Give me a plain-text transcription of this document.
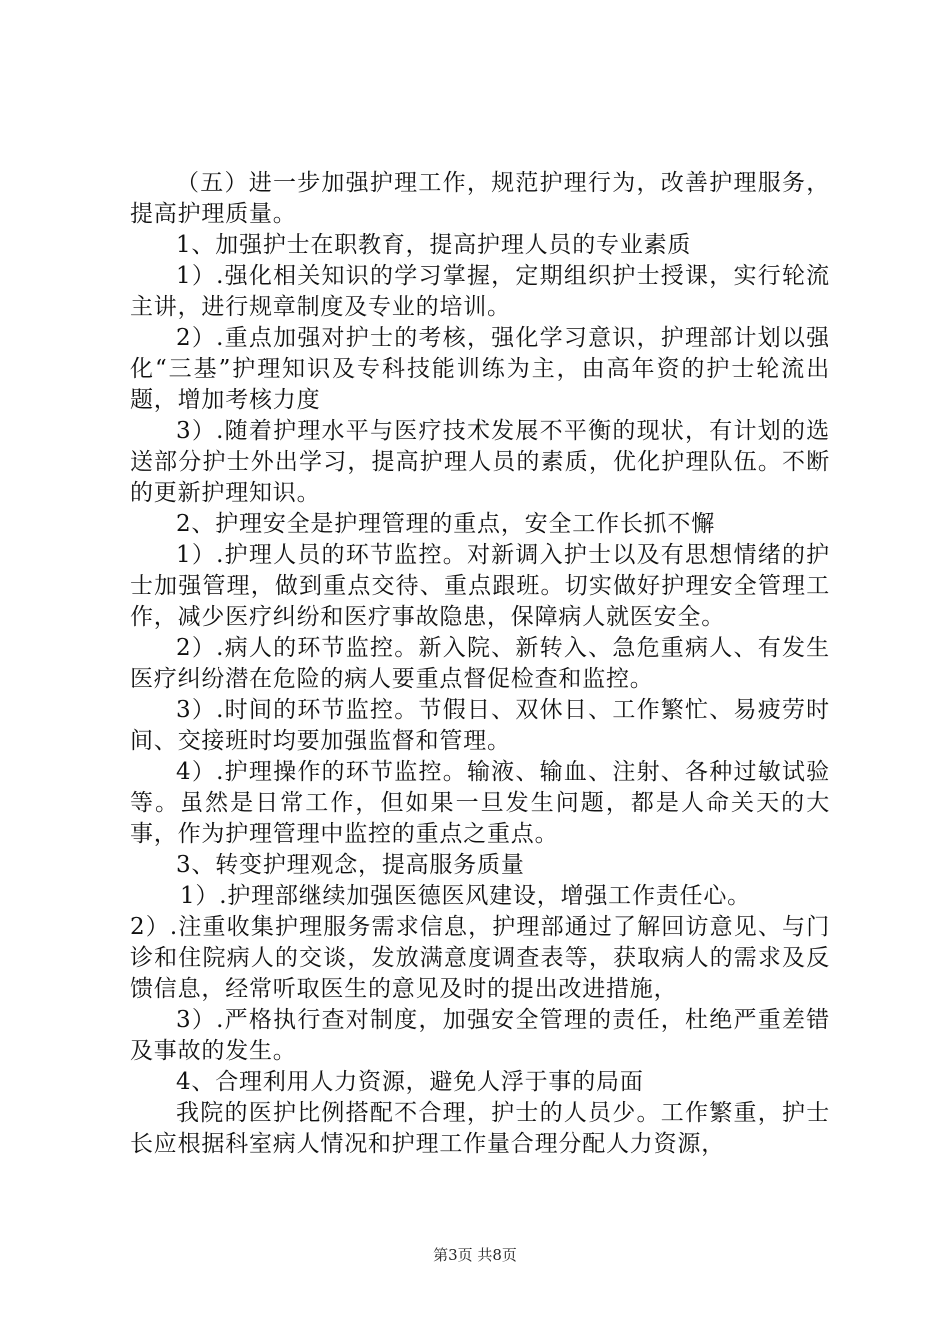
（五）进一步加强护理工作，规范护理行为，改善护理服务，提高护理质量。

1、加强护士在职教育，提高护理人员的专业素质

1）.强化相关知识的学习掌握，定期组织护士授课，实行轮流主讲，进行规章制度及专业的培训。

2）.重点加强对护士的考核，强化学习意识，护理部计划以强化“三基”护理知识及专科技能训练为主，由高年资的护士轮流出题，增加考核力度

3）.随着护理水平与医疗技术发展不平衡的现状，有计划的选送部分护士外出学习，提高护理人员的素质，优化护理队伍。不断的更新护理知识。

2、护理安全是护理管理的重点，安全工作长抓不懈

1）.护理人员的环节监控。对新调入护士以及有思想情绪的护士加强管理，做到重点交待、重点跟班。切实做好护理安全管理工作，减少医疗纠纷和医疗事故隐患，保障病人就医安全。

2）.病人的环节监控。新入院、新转入、急危重病人、有发生医疗纠纷潜在危险的病人要重点督促检查和监控。

3）.时间的环节监控。节假日、双休日、工作繁忙、易疲劳时间、交接班时均要加强监督和管理。

4）.护理操作的环节监控。输液、输血、注射、各种过敏试验等。虽然是日常工作，但如果一旦发生问题，都是人命关天的大事，作为护理管理中监控的重点之重点。

3、转变护理观念，提高服务质量

1）.护理部继续加强医德医风建设，增强工作责任心。

2）.注重收集护理服务需求信息，护理部通过了解回访意见、与门诊和住院病人的交谈，发放满意度调查表等，获取病人的需求及反馈信息，经常听取医生的意见及时的提出改进措施，

3）.严格执行查对制度，加强安全管理的责任，杜绝严重差错及事故的发生。

4、合理利用人力资源，避免人浮于事的局面

我院的医护比例搭配不合理，护士的人员少。工作繁重，护士长应根据科室病人情况和护理工作量合理分配人力资源，

第3页 共8页
